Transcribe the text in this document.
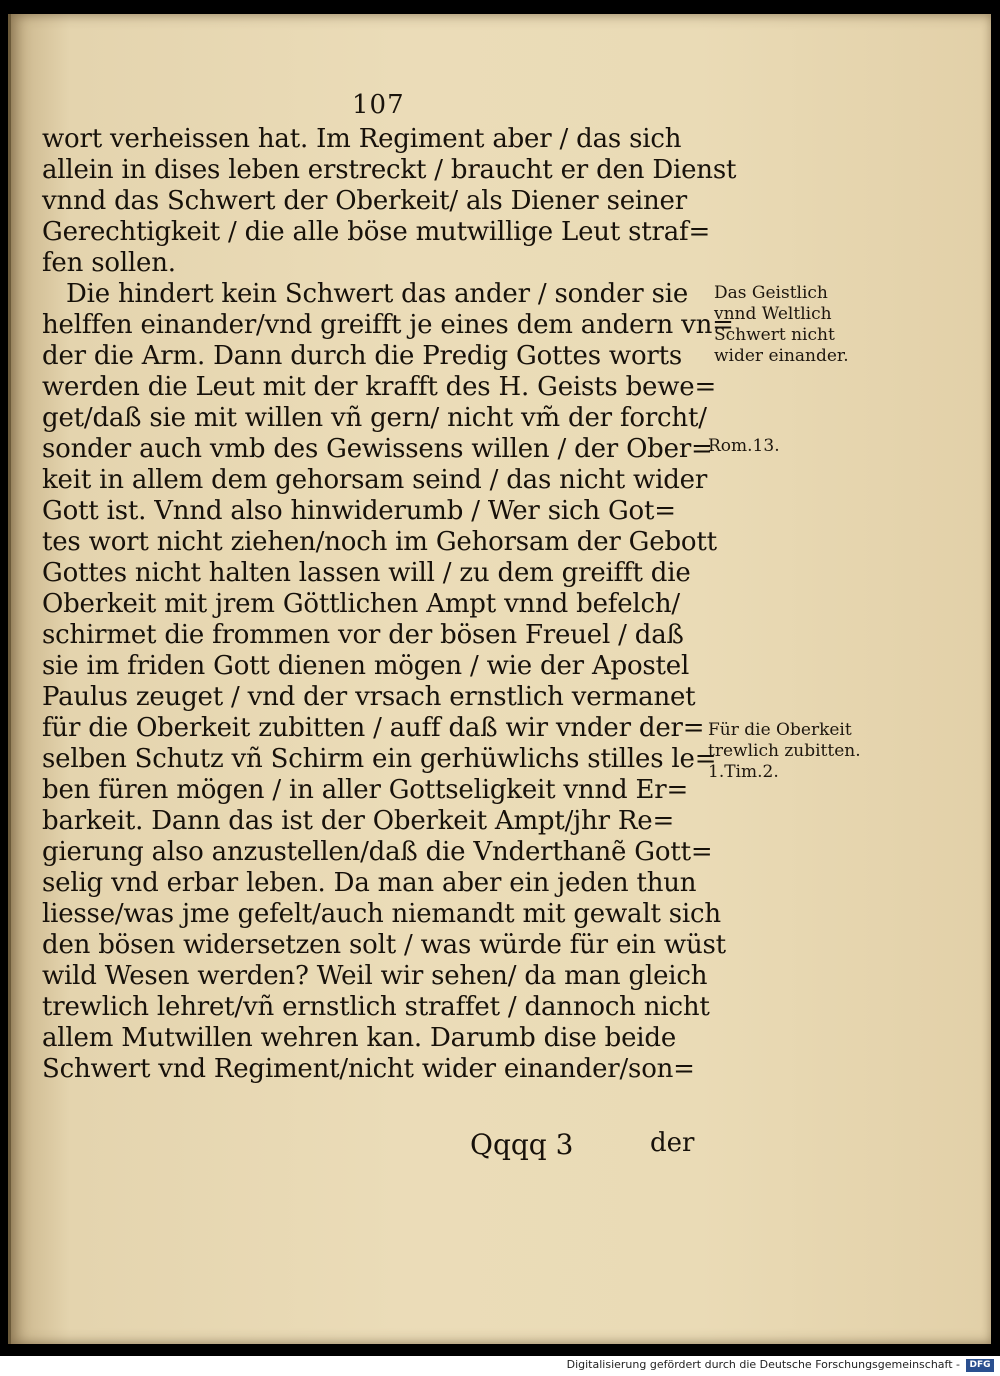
107
wort verheissen hat. Im Regiment aber / das sich
allein in dises leben erstreckt / braucht er den Dienst
vnnd das Schwert der Oberkeit/ als Diener seiner
Gerechtigkeit / die alle böse mutwillige Leut straf=
fen sollen.
Die hindert kein Schwert das ander / sonder sie
helffen einander/vnd greifft je eines dem andern vn=
der die Arm. Dann durch die Predig Gottes worts
werden die Leut mit der krafft des H. Geists bewe=
get/daß sie mit willen vñ gern/ nicht vm̃ der forcht/
sonder auch vmb des Gewissens willen / der Ober=
keit in allem dem gehorsam seind / das nicht wider
Gott ist. Vnnd also hinwiderumb / Wer sich Got=
tes wort nicht ziehen/noch im Gehorsam der Gebott
Gottes nicht halten lassen will / zu dem greifft die
Oberkeit mit jrem Göttlichen Ampt vnnd befelch/
schirmet die frommen vor der bösen Freuel / daß
sie im friden Gott dienen mögen / wie der Apostel
Paulus zeuget / vnd der vrsach ernstlich vermanet
für die Oberkeit zubitten / auff daß wir vnder der=
selben Schutz vñ Schirm ein gerhüwlichs stilles le=
ben füren mögen / in aller Gottseligkeit vnnd Er=
barkeit. Dann das ist der Oberkeit Ampt/jhr Re=
gierung also anzustellen/daß die Vnderthanẽ Gott=
selig vnd erbar leben. Da man aber ein jeden thun
liesse/was jme gefelt/auch niemandt mit gewalt sich
den bösen widersetzen solt / was würde für ein wüst
wild Wesen werden? Weil wir sehen/ da man gleich
trewlich lehret/vñ ernstlich straffet / dannoch nicht
allem Mutwillen wehren kan. Darumb dise beide
Schwert vnd Regiment/nicht wider einander/son=
Das Geistlich
vnnd Weltlich
Schwert nicht
wider einander.
Rom.13.
Für die Oberkeit
trewlich zubitten.
1.Tim.2.
Qqqq 3	der
Digitalisierung gefördert durch die Deutsche Forschungsgemeinschaft -	DFG
